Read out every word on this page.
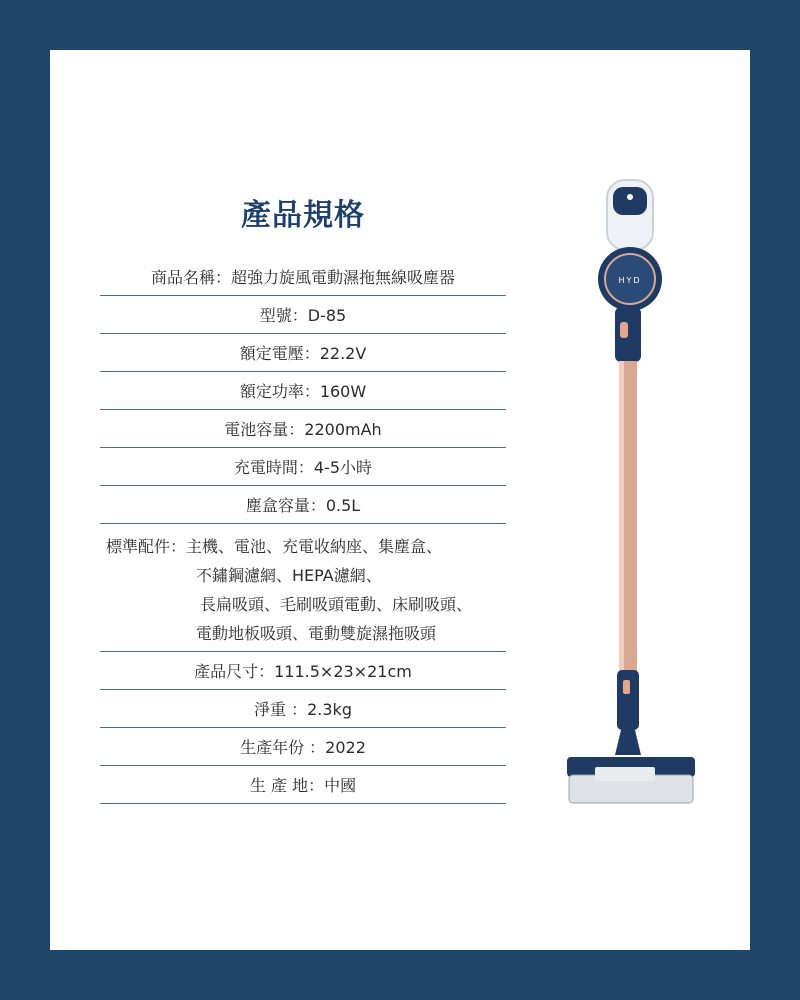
產品規格
商品名稱：超強力旋風電動濕拖無線吸塵器
型號：D-85
額定電壓：22.2V
額定功率：160W
電池容量：2200mAh
充電時間：4-5小時
塵盒容量：0.5L
標準配件：主機、電池、充電收納座、集塵盒、
不鏽鋼濾網、HEPA濾網、
長扁吸頭、毛刷吸頭電動、床刷吸頭、
電動地板吸頭、電動雙旋濕拖吸頭
產品尺寸：111.5×23×21cm
淨重 ：2.3kg
生產年份 ：2022
生 產 地：中國
HYD
